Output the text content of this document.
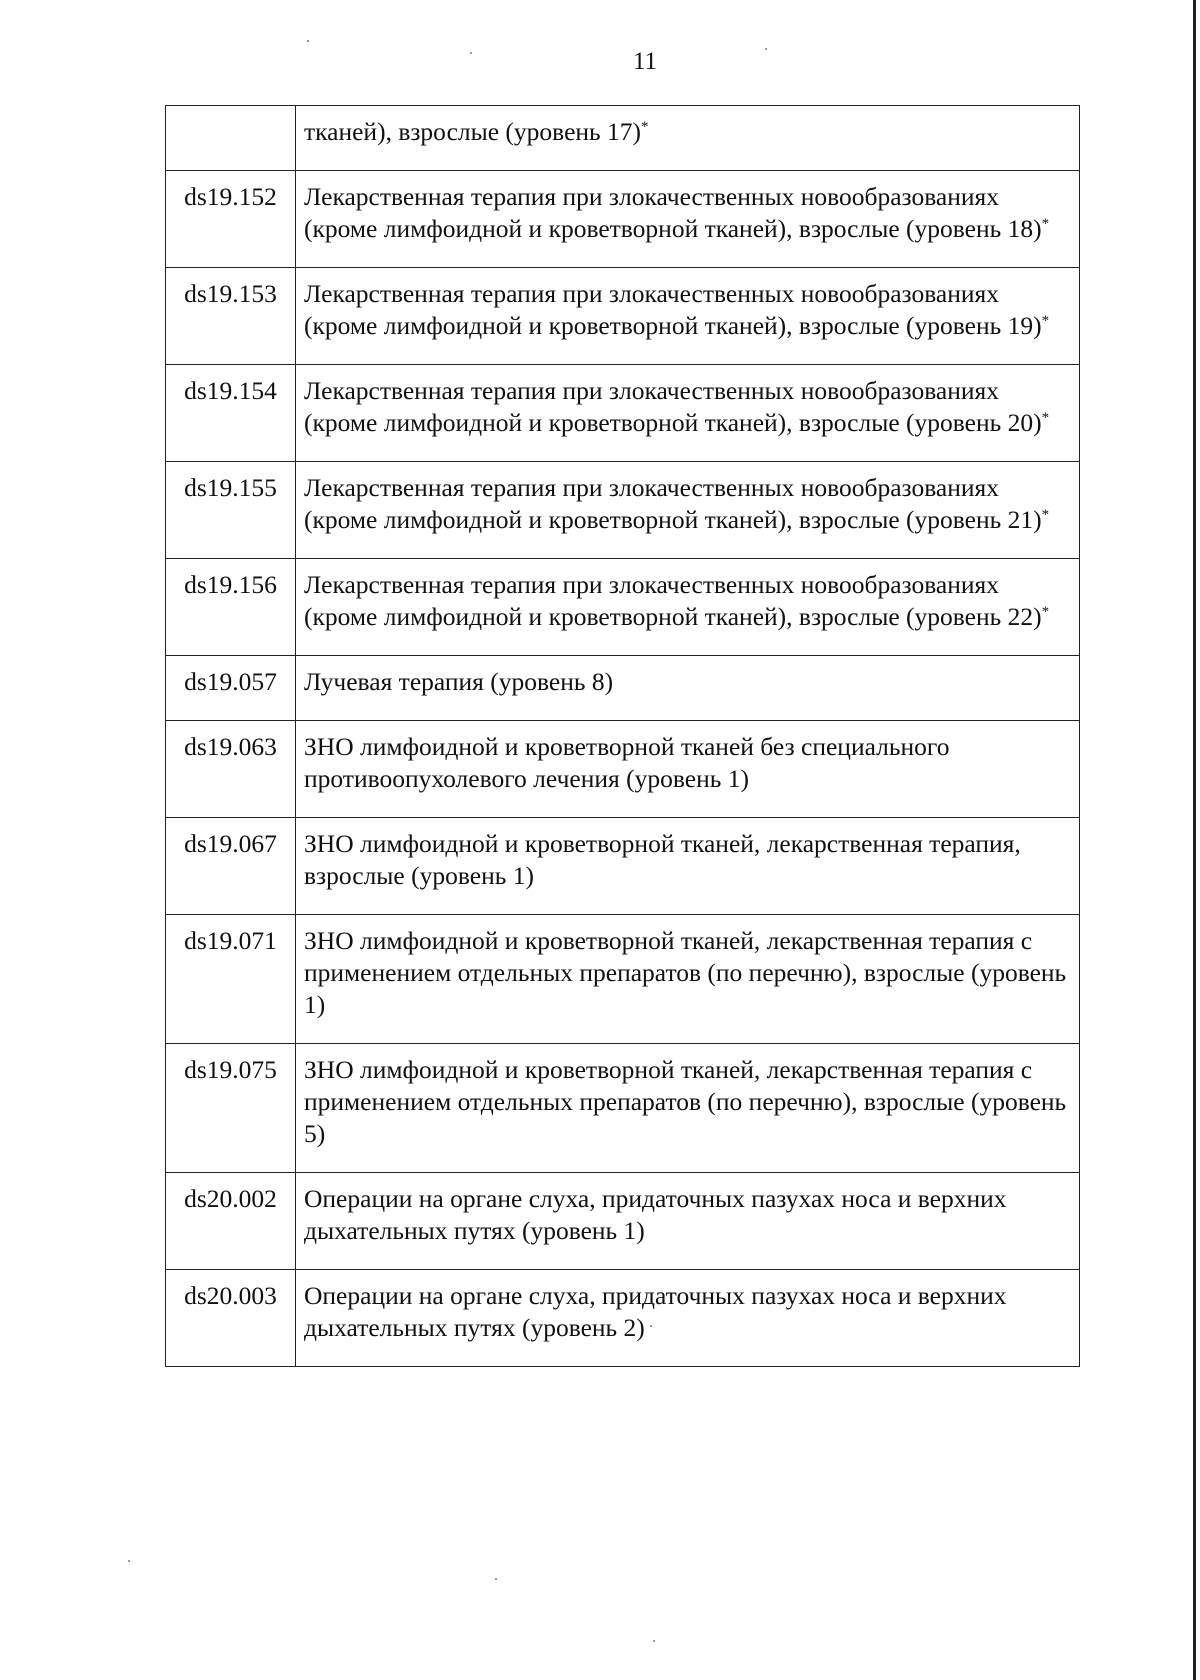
11
	тканей), взрослые (уровень 17)*
ds19.152	Лекарственная терапия при злокачественных новообразованиях (кроме лимфоидной и кроветворной тканей), взрослые (уровень 18)*
ds19.153	Лекарственная терапия при злокачественных новообразованиях (кроме лимфоидной и кроветворной тканей), взрослые (уровень 19)*
ds19.154	Лекарственная терапия при злокачественных новообразованиях (кроме лимфоидной и кроветворной тканей), взрослые (уровень 20)*
ds19.155	Лекарственная терапия при злокачественных новообразованиях (кроме лимфоидной и кроветворной тканей), взрослые (уровень 21)*
ds19.156	Лекарственная терапия при злокачественных новообразованиях (кроме лимфоидной и кроветворной тканей), взрослые (уровень 22)*
ds19.057	Лучевая терапия (уровень 8)
ds19.063	ЗНО лимфоидной и кроветворной тканей без специального противоопухолевого лечения (уровень 1)
ds19.067	ЗНО лимфоидной и кроветворной тканей, лекарственная терапия, взрослые (уровень 1)
ds19.071	ЗНО лимфоидной и кроветворной тканей, лекарственная терапия с применением отдельных препаратов (по перечню), взрослые (уровень 1)
ds19.075	ЗНО лимфоидной и кроветворной тканей, лекарственная терапия с применением отдельных препаратов (по перечню), взрослые (уровень 5)
ds20.002	Операции на органе слуха, придаточных пазухах носа и верхних дыхательных путях (уровень 1)
ds20.003	Операции на органе слуха, придаточных пазухах носа и верхних дыхательных путях (уровень 2)
